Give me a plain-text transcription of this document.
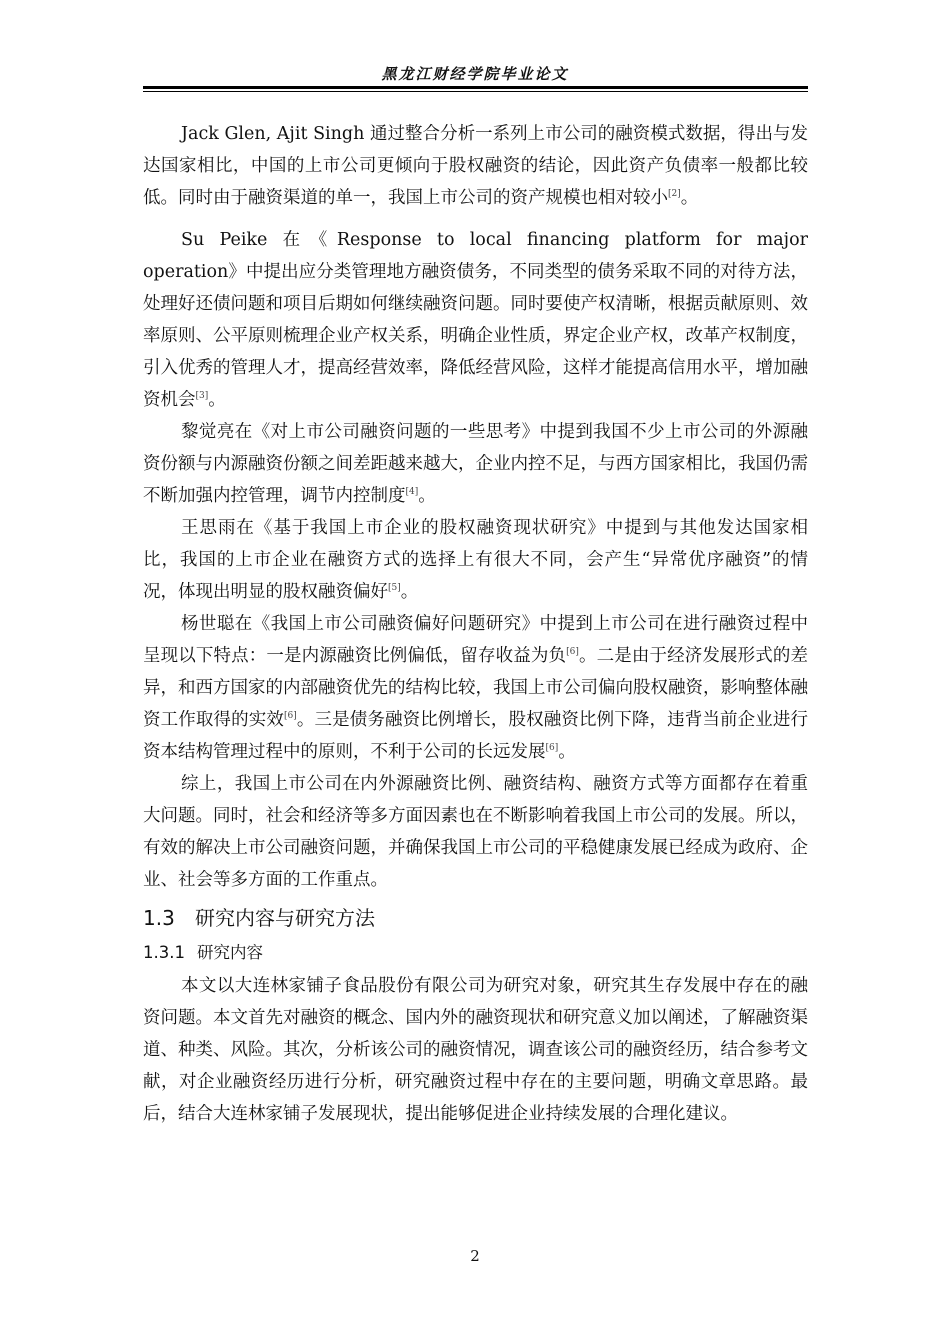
黑龙江财经学院毕业论文

Jack Glen, Ajit Singh 通过整合分析一系列上市公司的融资模式数据，得出与发达国家相比，中国的上市公司更倾向于股权融资的结论，因此资产负债率一般都比较低。同时由于融资渠道的单一，我国上市公司的资产规模也相对较小[2]。

Su Peike 在《Response to local financing platform for major operation》中提出应分类管理地方融资债务，不同类型的债务采取不同的对待方法，处理好还债问题和项目后期如何继续融资问题。同时要使产权清晰，根据贡献原则、效率原则、公平原则梳理企业产权关系，明确企业性质，界定企业产权，改革产权制度，引入优秀的管理人才，提高经营效率，降低经营风险，这样才能提高信用水平，增加融资机会[3]。

黎觉亮在《对上市公司融资问题的一些思考》中提到我国不少上市公司的外源融资份额与内源融资份额之间差距越来越大，企业内控不足，与西方国家相比，我国仍需不断加强内控管理，调节内控制度[4]。

王思雨在《基于我国上市企业的股权融资现状研究》中提到与其他发达国家相比，我国的上市企业在融资方式的选择上有很大不同，会产生“异常优序融资”的情况，体现出明显的股权融资偏好[5]。

杨世聪在《我国上市公司融资偏好问题研究》中提到上市公司在进行融资过程中呈现以下特点：一是内源融资比例偏低，留存收益为负[6]。二是由于经济发展形式的差异，和西方国家的内部融资优先的结构比较，我国上市公司偏向股权融资，影响整体融资工作取得的实效[6]。三是债务融资比例增长，股权融资比例下降，违背当前企业进行资本结构管理过程中的原则，不利于公司的长远发展[6]。

综上，我国上市公司在内外源融资比例、融资结构、融资方式等方面都存在着重大问题。同时，社会和经济等多方面因素也在不断影响着我国上市公司的发展。所以，有效的解决上市公司融资问题，并确保我国上市公司的平稳健康发展已经成为政府、企业、社会等多方面的工作重点。

1.3 研究内容与研究方法
1.3.1 研究内容

本文以大连林家铺子食品股份有限公司为研究对象，研究其生存发展中存在的融资问题。本文首先对融资的概念、国内外的融资现状和研究意义加以阐述，了解融资渠道、种类、风险。其次，分析该公司的融资情况，调查该公司的融资经历，结合参考文献，对企业融资经历进行分析，研究融资过程中存在的主要问题，明确文章思路。最后，结合大连林家铺子发展现状，提出能够促进企业持续发展的合理化建议。

2
